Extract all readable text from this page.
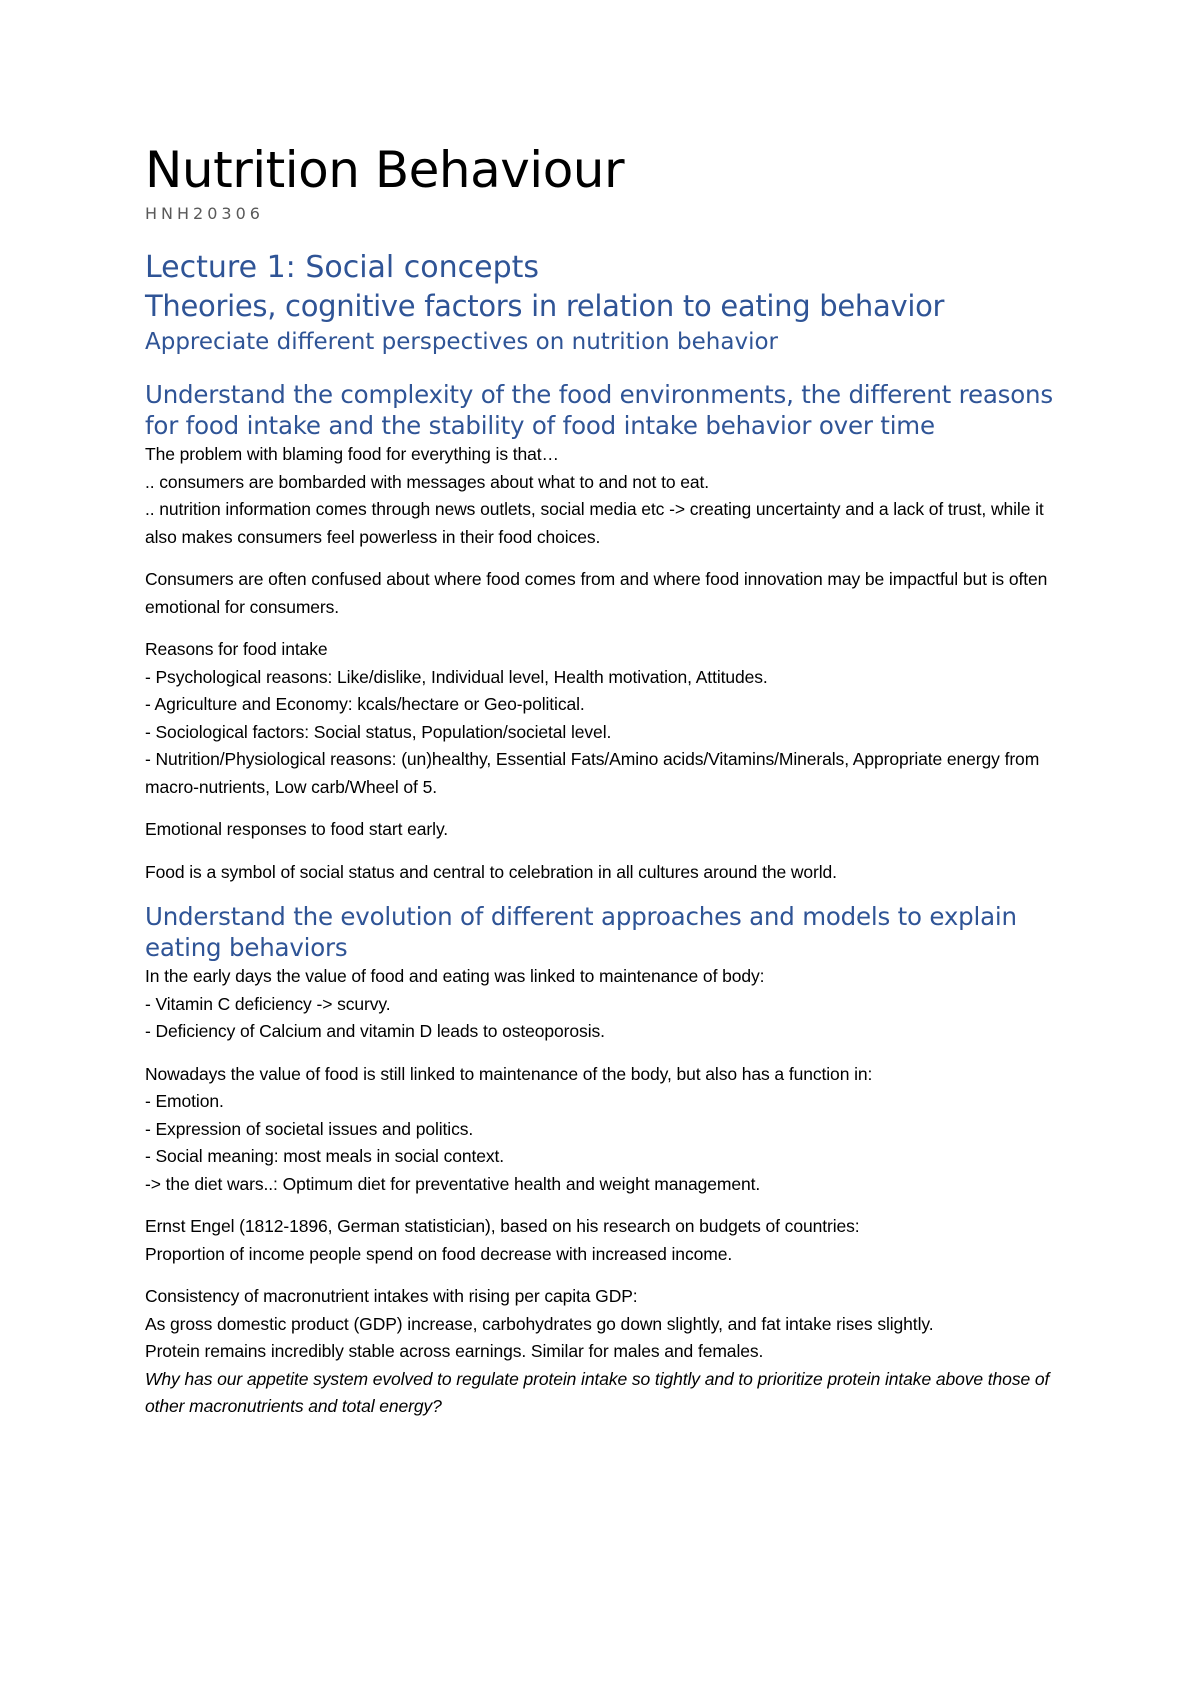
Nutrition Behaviour
HNH20306
Lecture 1: Social concepts
Theories, cognitive factors in relation to eating behavior
Appreciate different perspectives on nutrition behavior
Understand the complexity of the food environments, the different reasons for food intake and the stability of food intake behavior over time

The problem with blaming food for everything is that…
.. consumers are bombarded with messages about what to and not to eat.
.. nutrition information comes through news outlets, social media etc -> creating uncertainty and a lack of trust, while it also makes consumers feel powerless in their food choices.

Consumers are often confused about where food comes from and where food innovation may be impactful but is often emotional for consumers.

Reasons for food intake
- Psychological reasons: Like/dislike, Individual level, Health motivation, Attitudes.
- Agriculture and Economy: kcals/hectare or Geo-political.
- Sociological factors: Social status, Population/societal level.
- Nutrition/Physiological reasons: (un)healthy, Essential Fats/Amino acids/Vitamins/Minerals, Appropriate energy from macro-nutrients, Low carb/Wheel of 5.

Emotional responses to food start early.

Food is a symbol of social status and central to celebration in all cultures around the world.

Understand the evolution of different approaches and models to explain eating behaviors

In the early days the value of food and eating was linked to maintenance of body:
- Vitamin C deficiency -> scurvy.
- Deficiency of Calcium and vitamin D leads to osteoporosis.

Nowadays the value of food is still linked to maintenance of the body, but also has a function in:
- Emotion.
- Expression of societal issues and politics.
- Social meaning: most meals in social context.
-> the diet wars..: Optimum diet for preventative health and weight management.

Ernst Engel (1812-1896, German statistician), based on his research on budgets of countries:
Proportion of income people spend on food decrease with increased income.

Consistency of macronutrient intakes with rising per capita GDP:
As gross domestic product (GDP) increase, carbohydrates go down slightly, and fat intake rises slightly.
Protein remains incredibly stable across earnings. Similar for males and females.
Why has our appetite system evolved to regulate protein intake so tightly and to prioritize protein intake above those of other macronutrients and total energy?
